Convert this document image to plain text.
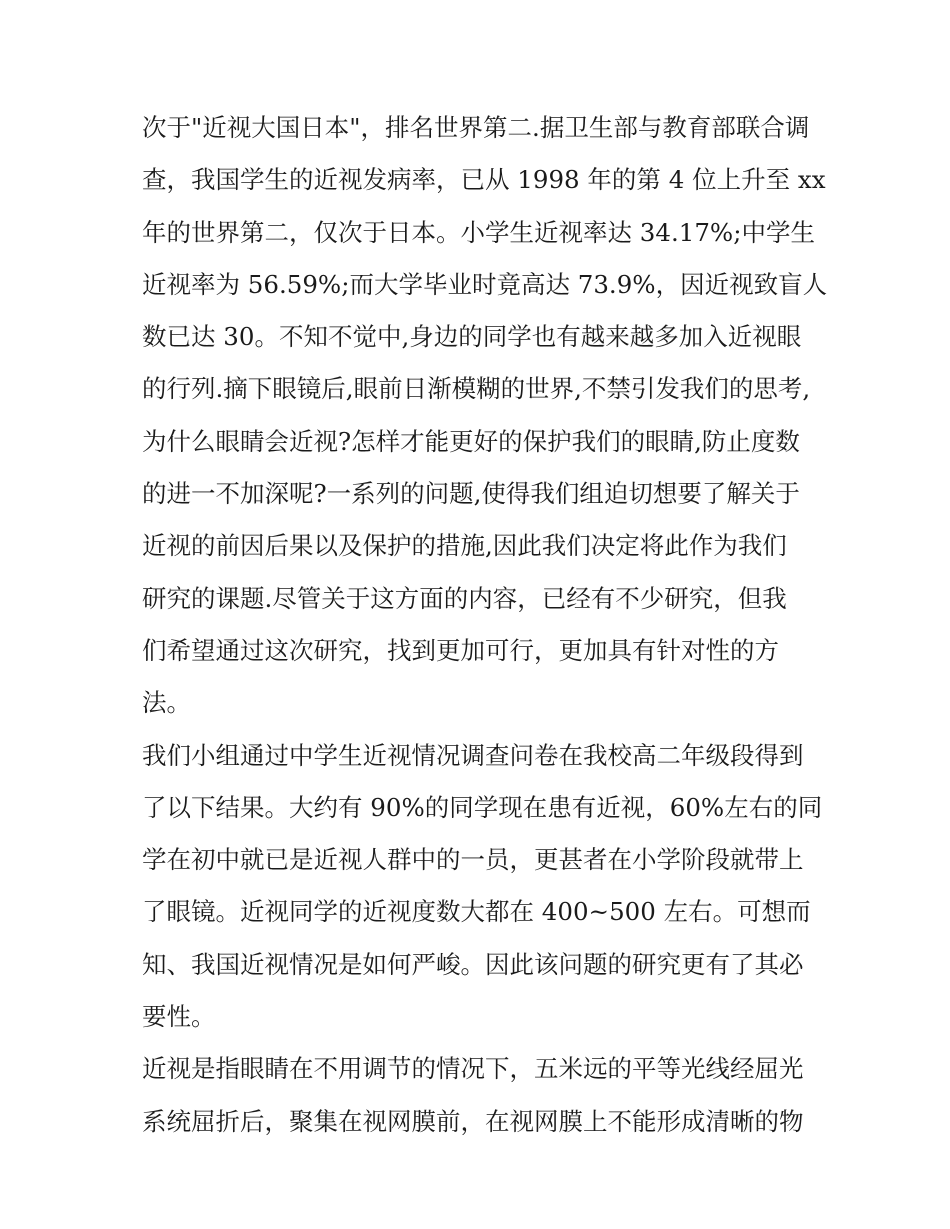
次于"近视大国日本"，排名世界第二.据卫生部与教育部联合调
查，我国学生的近视发病率，已从 1998 年的第 4 位上升至 xx
年的世界第二，仅次于日本。小学生近视率达 34.17%;中学生
近视率为 56.59%;而大学毕业时竟高达 73.9%，因近视致盲人
数已达 30。不知不觉中,身边的同学也有越来越多加入近视眼
的行列.摘下眼镜后,眼前日渐模糊的世界,不禁引发我们的思考,
为什么眼睛会近视?怎样才能更好的保护我们的眼睛,防止度数
的进一不加深呢?一系列的问题,使得我们组迫切想要了解关于
近视的前因后果以及保护的措施,因此我们决定将此作为我们
研究的课题.尽管关于这方面的内容，已经有不少研究，但我
们希望通过这次研究，找到更加可行，更加具有针对性的方
法。
我们小组通过中学生近视情况调查问卷在我校高二年级段得到
了以下结果。大约有 90%的同学现在患有近视，60%左右的同
学在初中就已是近视人群中的一员，更甚者在小学阶段就带上
了眼镜。近视同学的近视度数大都在 400~500 左右。可想而
知、我国近视情况是如何严峻。因此该问题的研究更有了其必
要性。
近视是指眼睛在不用调节的情况下，五米远的平等光线经屈光
系统屈折后，聚集在视网膜前，在视网膜上不能形成清晰的物
